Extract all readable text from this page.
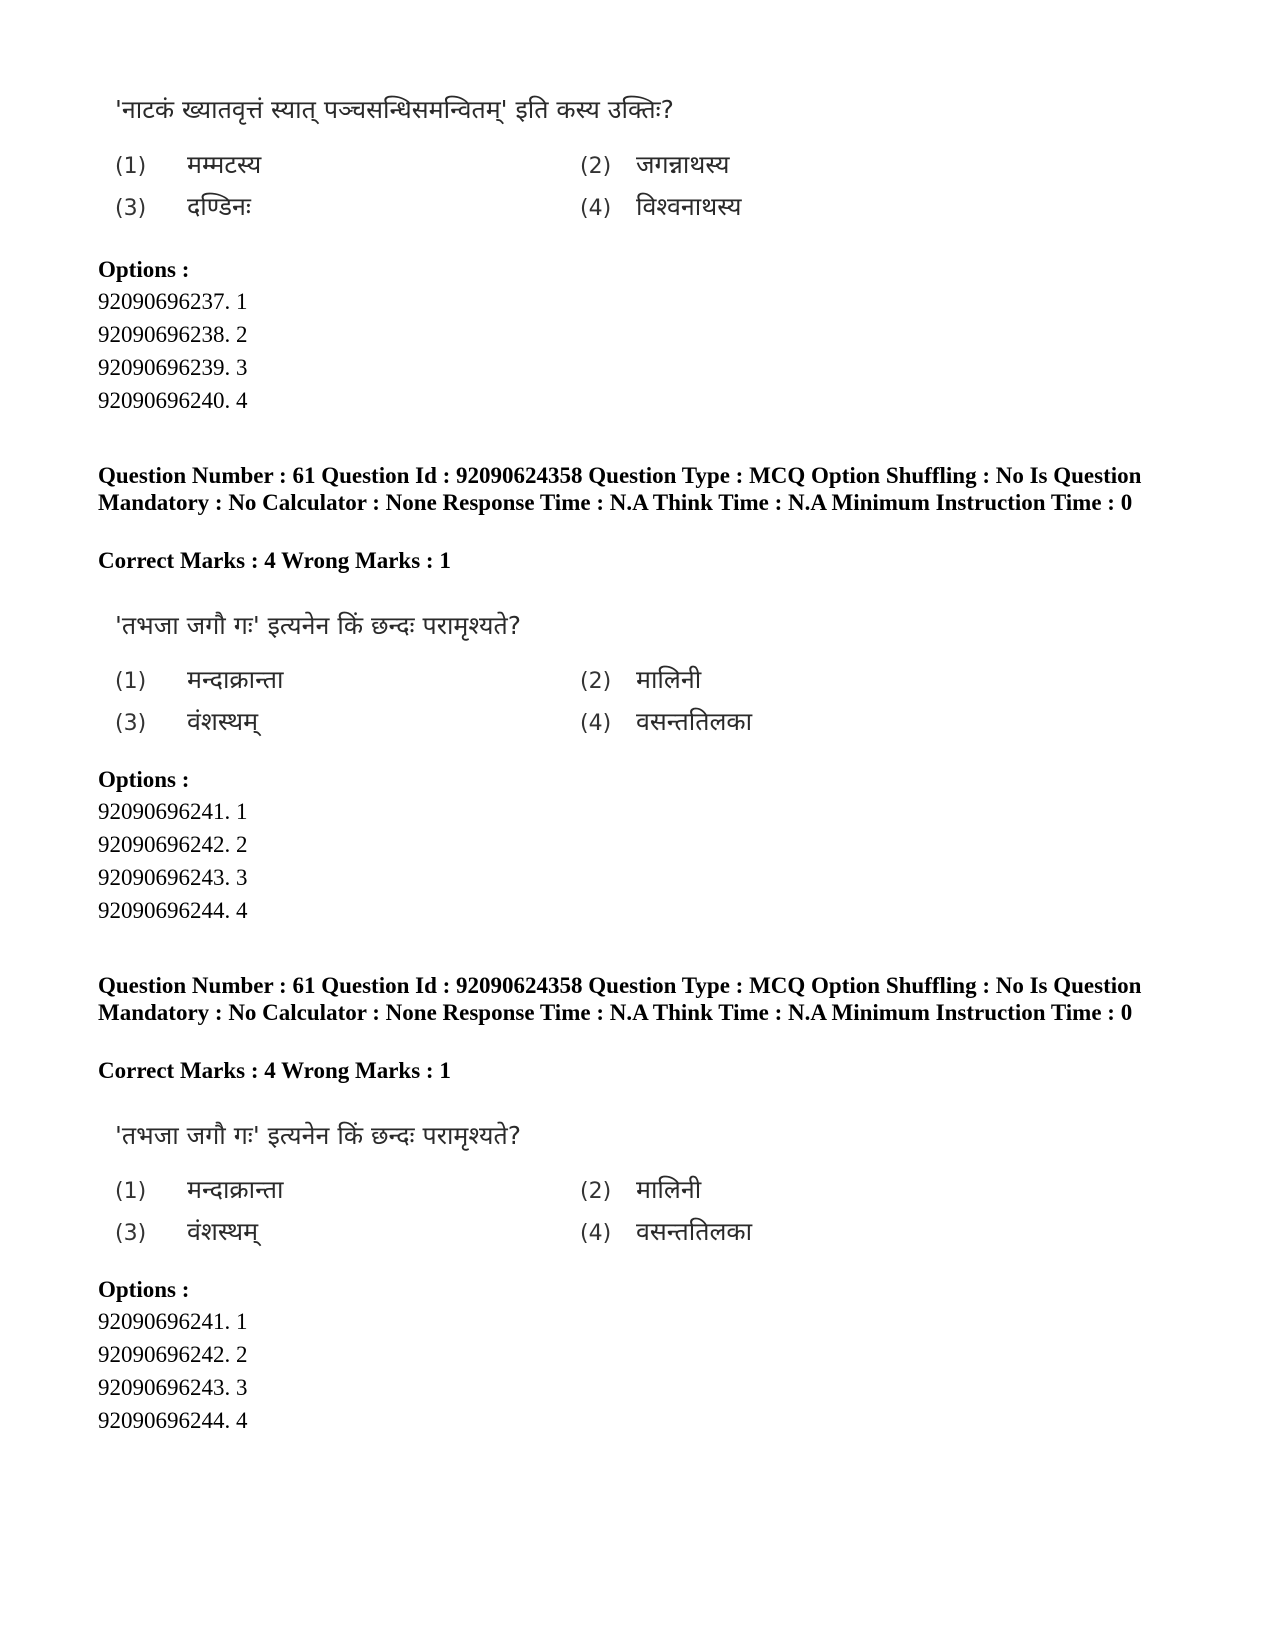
'नाटकं ख्यातवृत्तं स्यात् पञ्चसन्धिसमन्वितम्' इति कस्य उक्तिः?
(1) मम्मटस्य	(2) जगन्नाथस्य
(3) दण्डिनः	(4) विश्वनाथस्य
Options :
92090696237. 1
92090696238. 2
92090696239. 3
92090696240. 4
Question Number : 61 Question Id : 92090624358 Question Type : MCQ Option Shuffling : No Is Question Mandatory : No Calculator : None Response Time : N.A Think Time : N.A Minimum Instruction Time : 0
Correct Marks : 4 Wrong Marks : 1
'तभजा जगौ गः' इत्यनेन किं छन्दः परामृश्यते?
(1) मन्दाक्रान्ता	(2) मालिनी
(3) वंशस्थम्	(4) वसन्ततिलका
Options :
92090696241. 1
92090696242. 2
92090696243. 3
92090696244. 4
Question Number : 61 Question Id : 92090624358 Question Type : MCQ Option Shuffling : No Is Question Mandatory : No Calculator : None Response Time : N.A Think Time : N.A Minimum Instruction Time : 0
Correct Marks : 4 Wrong Marks : 1
'तभजा जगौ गः' इत्यनेन किं छन्दः परामृश्यते?
(1) मन्दाक्रान्ता	(2) मालिनी
(3) वंशस्थम्	(4) वसन्ततिलका
Options :
92090696241. 1
92090696242. 2
92090696243. 3
92090696244. 4
